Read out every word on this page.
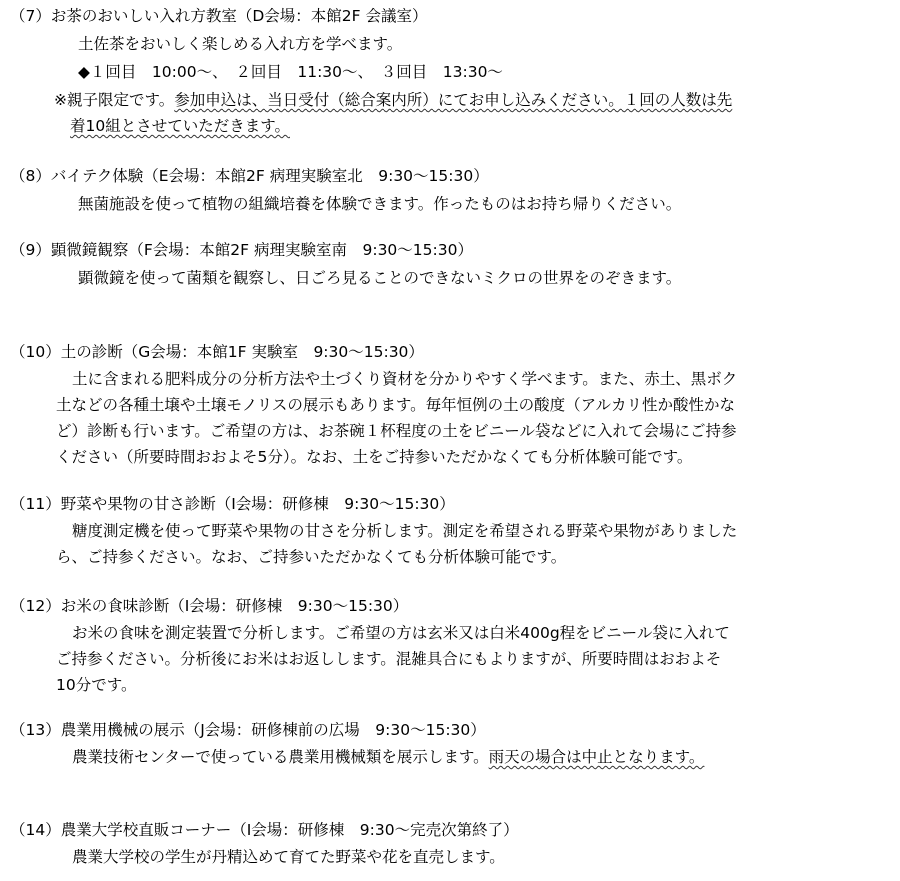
（7）お茶のおいしい入れ方教室（D会場：本館2F 会議室）
土佐茶をおいしく楽しめる入れ方を学べます。
◆１回目　10:00～、　２回目　11:30～、　３回目　13:30～
※親子限定です。参加申込は、当日受付（総合案内所）にてお申し込みください。１回の人数は先
着10組とさせていただきます。
（8）バイテク体験（E会場：本館2F 病理実験室北　9:30～15:30）
無菌施設を使って植物の組織培養を体験できます。作ったものはお持ち帰りください。
（9）顕微鏡観察（F会場：本館2F 病理実験室南　9:30～15:30）
顕微鏡を使って菌類を観察し、日ごろ見ることのできないミクロの世界をのぞきます。
（10）土の診断（G会場：本館1F 実験室　9:30～15:30）
土に含まれる肥料成分の分析方法や土づくり資材を分かりやすく学べます。また、赤土、黒ボク
土などの各種土壌や土壌モノリスの展示もあります。毎年恒例の土の酸度（アルカリ性か酸性かな
ど）診断も行います。ご希望の方は、お茶碗１杯程度の土をビニール袋などに入れて会場にご持参
ください（所要時間おおよそ5分）。なお、土をご持参いただかなくても分析体験可能です。
（11）野菜や果物の甘さ診断（I会場：研修棟　9:30～15:30）
糖度測定機を使って野菜や果物の甘さを分析します。測定を希望される野菜や果物がありました
ら、ご持参ください。なお、ご持参いただかなくても分析体験可能です。
（12）お米の食味診断（I会場：研修棟　9:30～15:30）
お米の食味を測定装置で分析します。ご希望の方は玄米又は白米400g程をビニール袋に入れて
ご持参ください。分析後にお米はお返しします。混雑具合にもよりますが、所要時間はおおよそ
10分です。
（13）農業用機械の展示（J会場：研修棟前の広場　9:30～15:30）
農業技術センターで使っている農業用機械類を展示します。雨天の場合は中止となります。
（14）農業大学校直販コーナー（I会場：研修棟　9:30～完売次第終了）
農業大学校の学生が丹精込めて育てた野菜や花を直売します。
